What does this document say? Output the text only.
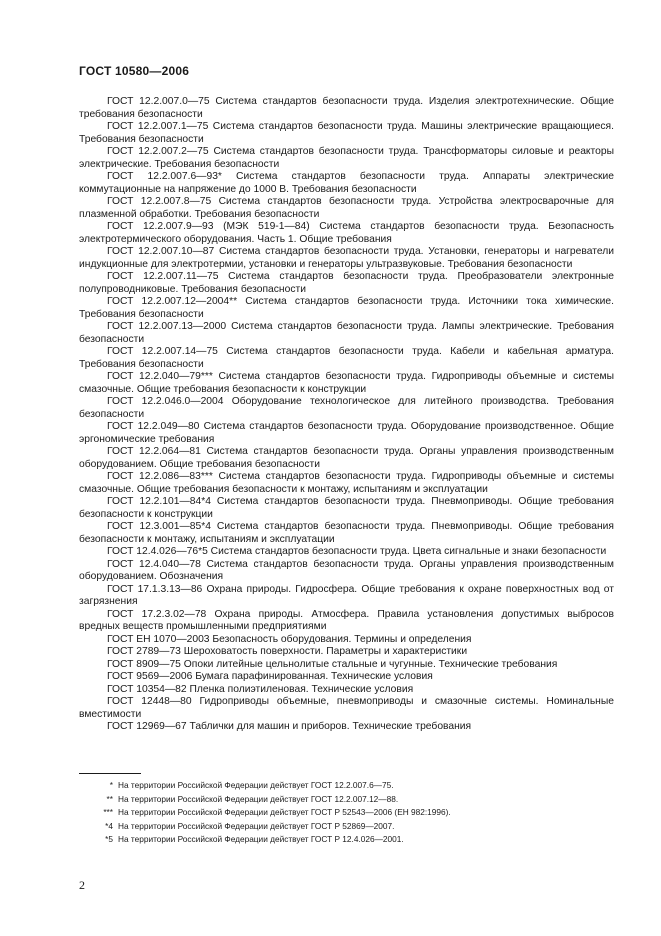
ГОСТ 10580—2006

ГОСТ 12.2.007.0—75 Система стандартов безопасности труда. Изделия электротехнические. Общие требования безопасности

ГОСТ 12.2.007.1—75 Система стандартов безопасности труда. Машины электрические вращающиеся. Требования безопасности

ГОСТ 12.2.007.2—75 Система стандартов безопасности труда. Трансформаторы силовые и реакторы электрические. Требования безопасности

ГОСТ 12.2.007.6—93* Система стандартов безопасности труда. Аппараты электрические коммутационные на напряжение до 1000 В. Требования безопасности

ГОСТ 12.2.007.8—75 Система стандартов безопасности труда. Устройства электросварочные для плазменной обработки. Требования безопасности

ГОСТ 12.2.007.9—93 (МЭК 519-1—84) Система стандартов безопасности труда. Безопасность электротермического оборудования. Часть 1. Общие требования

ГОСТ 12.2.007.10—87 Система стандартов безопасности труда. Установки, генераторы и нагреватели индукционные для электротермии, установки и генераторы ультразвуковые. Требования безопасности

ГОСТ 12.2.007.11—75 Система стандартов безопасности труда. Преобразователи электронные полупроводниковые. Требования безопасности

ГОСТ 12.2.007.12—2004** Система стандартов безопасности труда. Источники тока химические. Требования безопасности

ГОСТ 12.2.007.13—2000 Система стандартов безопасности труда. Лампы электрические. Требования безопасности

ГОСТ 12.2.007.14—75 Система стандартов безопасности труда. Кабели и кабельная арматура. Требования безопасности

ГОСТ 12.2.040—79*** Система стандартов безопасности труда. Гидроприводы объемные и системы смазочные. Общие требования безопасности к конструкции

ГОСТ 12.2.046.0—2004 Оборудование технологическое для литейного производства. Требования безопасности

ГОСТ 12.2.049—80 Система стандартов безопасности труда. Оборудование производственное. Общие эргономические требования

ГОСТ 12.2.064—81 Система стандартов безопасности труда. Органы управления производственным оборудованием. Общие требования безопасности

ГОСТ 12.2.086—83*** Система стандартов безопасности труда. Гидроприводы объемные и системы смазочные. Общие требования безопасности к монтажу, испытаниям и эксплуатации

ГОСТ 12.2.101—84*4 Система стандартов безопасности труда. Пневмоприводы. Общие требования безопасности к конструкции

ГОСТ 12.3.001—85*4 Система стандартов безопасности труда. Пневмоприводы. Общие требования безопасности к монтажу, испытаниям и эксплуатации

ГОСТ 12.4.026—76*5 Система стандартов безопасности труда. Цвета сигнальные и знаки безопасности

ГОСТ 12.4.040—78 Система стандартов безопасности труда. Органы управления производственным оборудованием. Обозначения

ГОСТ 17.1.3.13—86 Охрана природы. Гидросфера. Общие требования к охране поверхностных вод от загрязнения

ГОСТ 17.2.3.02—78 Охрана природы. Атмосфера. Правила установления допустимых выбросов вредных веществ промышленными предприятиями

ГОСТ ЕН 1070—2003 Безопасность оборудования. Термины и определения

ГОСТ 2789—73 Шероховатость поверхности. Параметры и характеристики

ГОСТ 8909—75 Опоки литейные цельнолитые стальные и чугунные. Технические требования

ГОСТ 9569—2006 Бумага парафинированная. Технические условия

ГОСТ 10354—82 Пленка полиэтиленовая. Технические условия

ГОСТ 12448—80 Гидроприводы объемные, пневмоприводы и смазочные системы. Номинальные вместимости

ГОСТ 12969—67 Таблички для машин и приборов. Технические требования

* На территории Российской Федерации действует ГОСТ 12.2.007.6—75.
** На территории Российской Федерации действует ГОСТ 12.2.007.12—88.
*** На территории Российской Федерации действует ГОСТ Р 52543—2006 (ЕН 982:1996).
*4 На территории Российской Федерации действует ГОСТ Р 52869—2007.
*5 На территории Российской Федерации действует ГОСТ Р 12.4.026—2001.
2
